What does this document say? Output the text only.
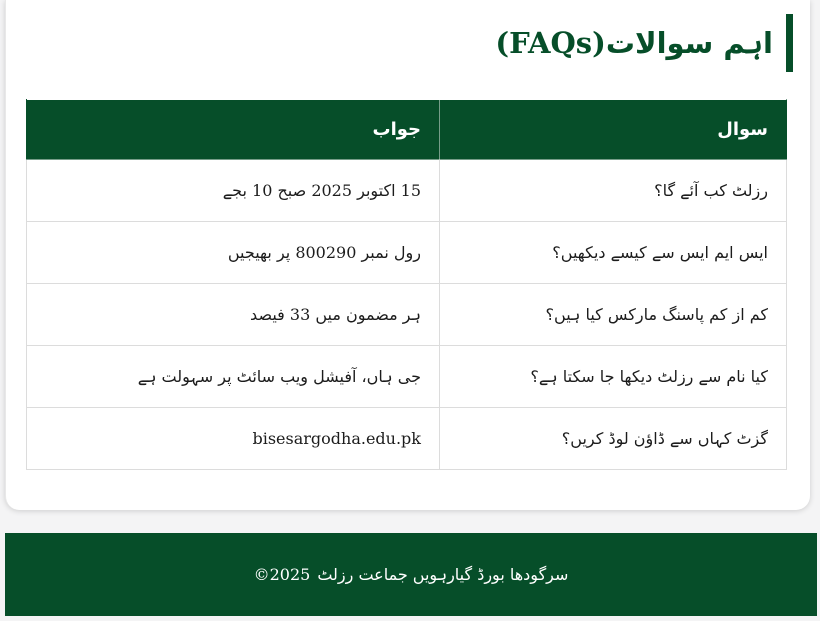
اہم سوالات(FAQs)
سوال	جواب
رزلٹ کب آئے گا؟	15 اکتوبر 2025 صبح 10 بجے
ایس ایم ایس سے کیسے دیکھیں؟	رول نمبر 800290 پر بھیجیں
کم از کم پاسنگ مارکس کیا ہیں؟	ہر مضمون میں 33 فیصد
کیا نام سے رزلٹ دیکھا جا سکتا ہے؟	جی ہاں، آفیشل ویب سائٹ پر سہولت ہے
گزٹ کہاں سے ڈاؤن لوڈ کریں؟	bisesargodha.edu.pk
سرگودھا بورڈ گیارہویں جماعت رزلٹ
©2025
